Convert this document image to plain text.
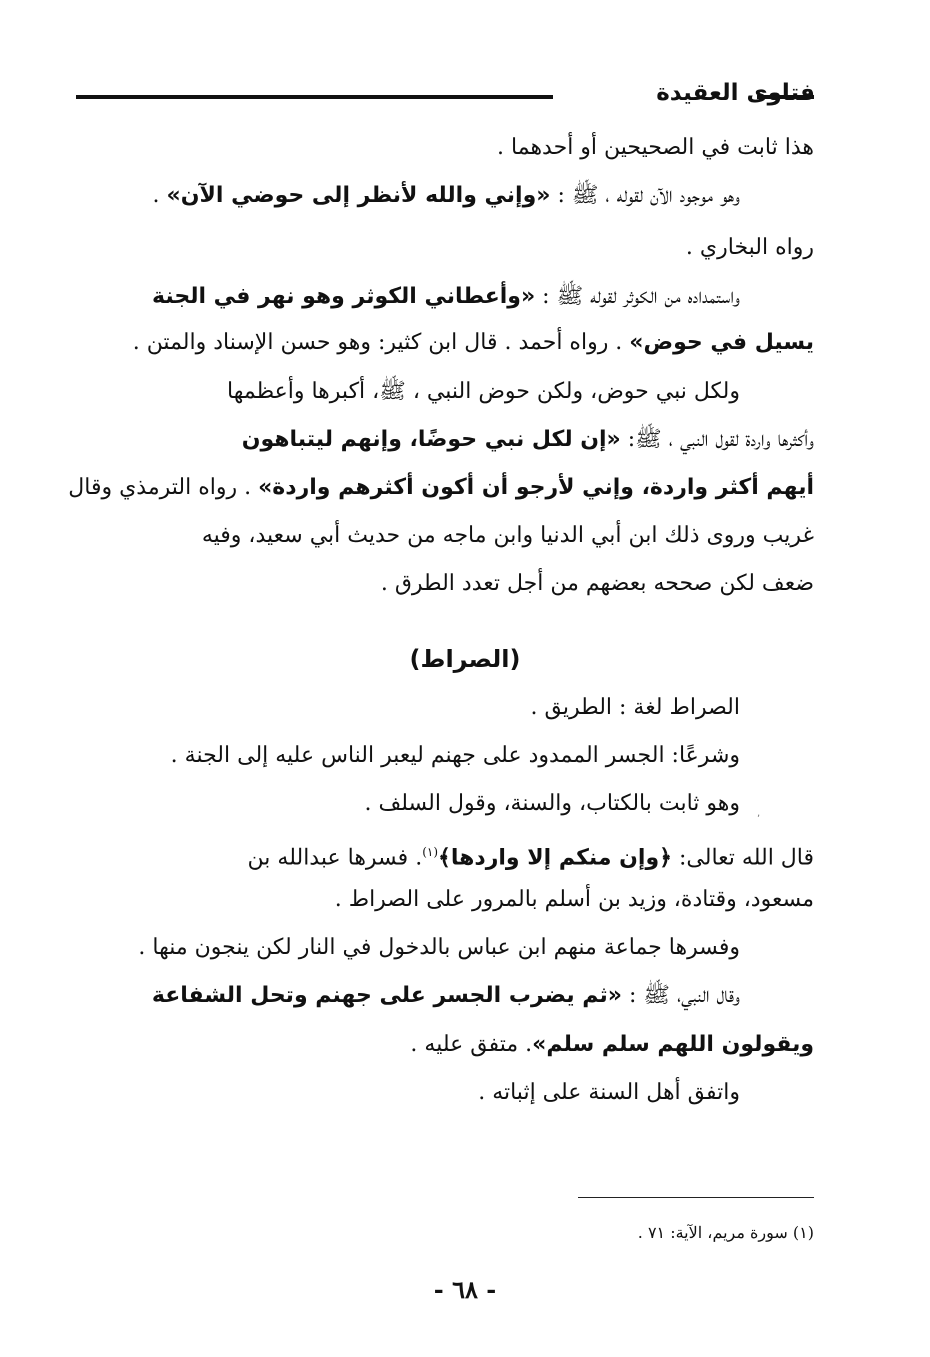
فتاوى العقيدة
هذا ثابت في الصحيحين أو أحدهما .
وهو موجود الآن لقوله ، ﷺ : «وإني والله لأنظر إلى حوضي الآن» .
رواه البخاري .
واستمداده من الكوثر لقوله ﷺ : «وأعطاني الكوثر وهو نهر في الجنة
يسيل في حوض» . رواه أحمد . قال ابن كثير: وهو حسن الإسناد والمتن .
ولكل نبي حوض، ولكن حوض النبي ، ﷺ، أكبرها وأعظمها
وأكثرها واردة لقول النبي ، ﷺ: «إن لكل نبي حوضًا، وإنهم ليتباهون
أيهم أكثر واردة، وإني لأرجو أن أكون أكثرهم واردة» . رواه الترمذي وقال
غريب وروى ذلك ابن أبي الدنيا وابن ماجه من حديث أبي سعيد، وفيه
ضعف لكن صححه بعضهم من أجل تعدد الطرق .
(الصراط)
الصراط لغة : الطريق .
وشرعًا: الجسر الممدود على جهنم ليعبر الناس عليه إلى الجنة .
وهو ثابت بالكتاب، والسنة، وقول السلف . ,
قال الله تعالى: ﴿وإن منكم إلا واردها﴾$^{(١)}$. فسرها عبدالله بن
مسعود، وقتادة، وزيد بن أسلم بالمرور على الصراط .
وفسرها جماعة منهم ابن عباس بالدخول في النار لكن ينجون منها .
وقال النبي، ﷺ : «ثم يضرب الجسر على جهنم وتحل الشفاعة
ويقولون اللهم سلم سلم». متفق عليه .
واتفق أهل السنة على إثباته .
(١) سورة مريم، الآية: ٧١ .
- ٦٨ -
